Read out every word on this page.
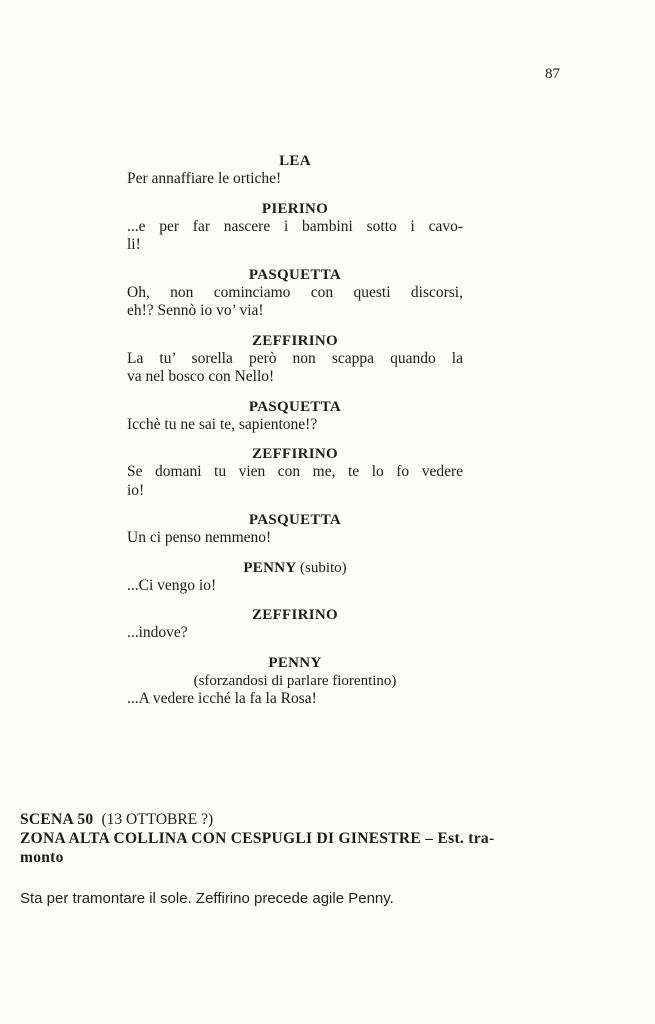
87
LEA
Per annaffiare le ortiche!
PIERINO
...e per far nascere i bambini sotto i cavo-
li!
PASQUETTA
Oh, non cominciamo con questi discorsi,
eh!? Sennò io vo’ via!
ZEFFIRINO
La tu’ sorella però non scappa quando la
va nel bosco con Nello!
PASQUETTA
Icchè tu ne sai te, sapientone!?
ZEFFIRINO
Se domani tu vien con me, te lo fo vedere
io!
PASQUETTA
Un ci penso nemmeno!
PENNY (subito)
...Ci vengo io!
ZEFFIRINO
...indove?
PENNY
(sforzandosi di parlare fiorentino)
...A vedere icché la fa la Rosa!
SCENA 50 (13 OTTOBRE ?)
ZONA ALTA COLLINA CON CESPUGLI DI GINESTRE – Est. tra-
monto
Sta per tramontare il sole. Zeffirino precede agile Penny.
